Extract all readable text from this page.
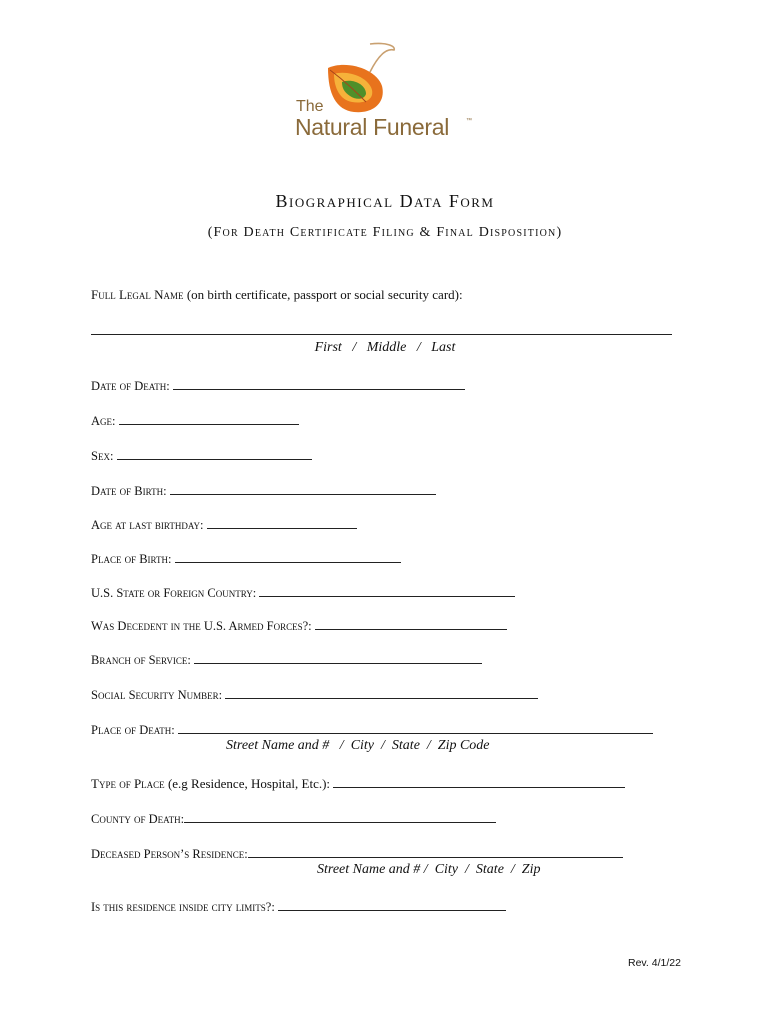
The
Natural Funeral	™
Biographical Data Form
(For Death Certificate Filing & Final Disposition)
Full Legal Name (on birth certificate, passport or social security card):
First   /   Middle   /   Last
Date of Death:
Age:
Sex:
Date of Birth:
Age at last birthday:
Place of Birth:
U.S. State or Foreign Country:
Was Decedent in the U.S. Armed Forces?:
Branch of Service:
Social Security Number:
Place of Death:
Street Name and #   /  City  /  State  /  Zip Code
Type of Place (e.g Residence, Hospital, Etc.):
County of Death:
Deceased Person’s Residence:
Street Name and # /  City  /  State  /  Zip
Is this residence inside city limits?:
Rev. 4/1/22
